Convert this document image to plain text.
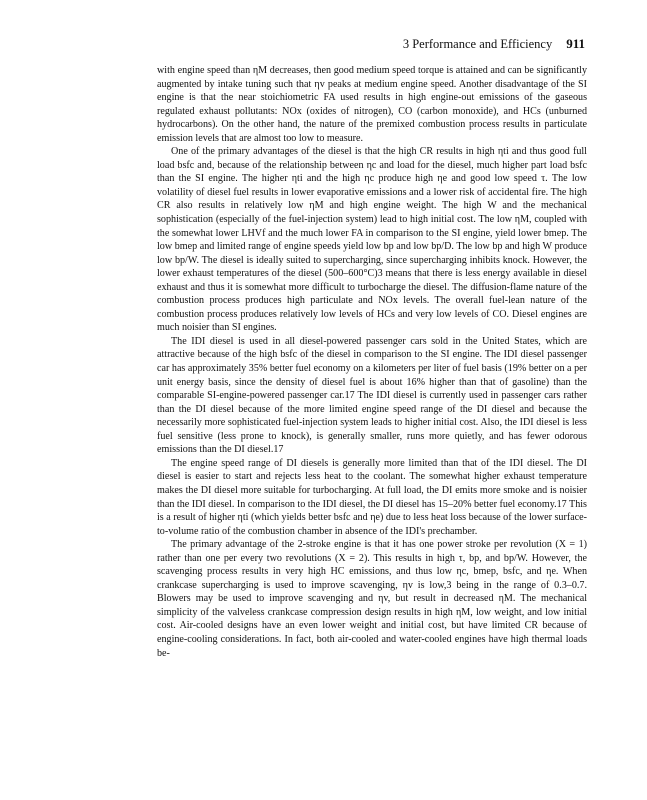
3 Performance and Efficiency 911

with engine speed than ηM decreases, then good medium speed torque is attained and can be significantly augmented by intake tuning such that ηv peaks at medium engine speed. Another disadvantage of the SI engine is that the near stoichiometric FA used results in high engine-out emissions of the gaseous regulated exhaust pollutants: NOx (oxides of nitrogen), CO (carbon monoxide), and HCs (unburned hydrocarbons). On the other hand, the nature of the premixed combustion process results in particulate emission levels that are almost too low to measure.

One of the primary advantages of the diesel is that the high CR results in high ηti and thus good full load bsfc and, because of the relationship between ηc and load for the diesel, much higher part load bsfc than the SI engine. The higher ηti and the high ηc produce high ηe and good low speed τ. The low volatility of diesel fuel results in lower evaporative emissions and a lower risk of accidental fire. The high CR also results in relatively low ηM and high engine weight. The high W and the mechanical sophistication (especially of the fuel-injection system) lead to high initial cost. The low ηM, coupled with the somewhat lower LHVf and the much lower FA in comparison to the SI engine, yield lower bmep. The low bmep and limited range of engine speeds yield low bp and low bp/D. The low bp and high W produce low bp/W. The diesel is ideally suited to supercharging, since supercharging inhibits knock. However, the lower exhaust temperatures of the diesel (500–600°C)3 means that there is less energy available in diesel exhaust and thus it is somewhat more difficult to turbocharge the diesel. The diffusion-flame nature of the combustion process produces high particulate and NOx levels. The overall fuel-lean nature of the combustion process produces relatively low levels of HCs and very low levels of CO. Diesel engines are much noisier than SI engines.

The IDI diesel is used in all diesel-powered passenger cars sold in the United States, which are attractive because of the high bsfc of the diesel in comparison to the SI engine. The IDI diesel passenger car has approximately 35% better fuel economy on a kilometers per liter of fuel basis (19% better on a per unit energy basis, since the density of diesel fuel is about 16% higher than that of gasoline) than the comparable SI-engine-powered passenger car.17 The IDI diesel is currently used in passenger cars rather than the DI diesel because of the more limited engine speed range of the DI diesel and because the necessarily more sophisticated fuel-injection system leads to higher initial cost. Also, the IDI diesel is less fuel sensitive (less prone to knock), is generally smaller, runs more quietly, and has fewer odorous emissions than the DI diesel.17

The engine speed range of DI diesels is generally more limited than that of the IDI diesel. The DI diesel is easier to start and rejects less heat to the coolant. The somewhat higher exhaust temperature makes the DI diesel more suitable for turbocharging. At full load, the DI emits more smoke and is noisier than the IDI diesel. In comparison to the IDI diesel, the DI diesel has 15–20% better fuel economy.17 This is a result of higher ηti (which yields better bsfc and ηe) due to less heat loss because of the lower surface-to-volume ratio of the combustion chamber in absence of the IDI's prechamber.

The primary advantage of the 2-stroke engine is that it has one power stroke per revolution (X = 1) rather than one per every two revolutions (X = 2). This results in high τ, bp, and bp/W. However, the scavenging process results in very high HC emissions, and thus low ηc, bmep, bsfc, and ηe. When crankcase supercharging is used to improve scavenging, ηv is low,3 being in the range of 0.3–0.7. Blowers may be used to improve scavenging and ηv, but result in decreased ηM. The mechanical simplicity of the valveless crankcase compression design results in high ηM, low weight, and low initial cost. Air-cooled designs have an even lower weight and initial cost, but have limited CR because of engine-cooling considerations. In fact, both air-cooled and water-cooled engines have high thermal loads be-
